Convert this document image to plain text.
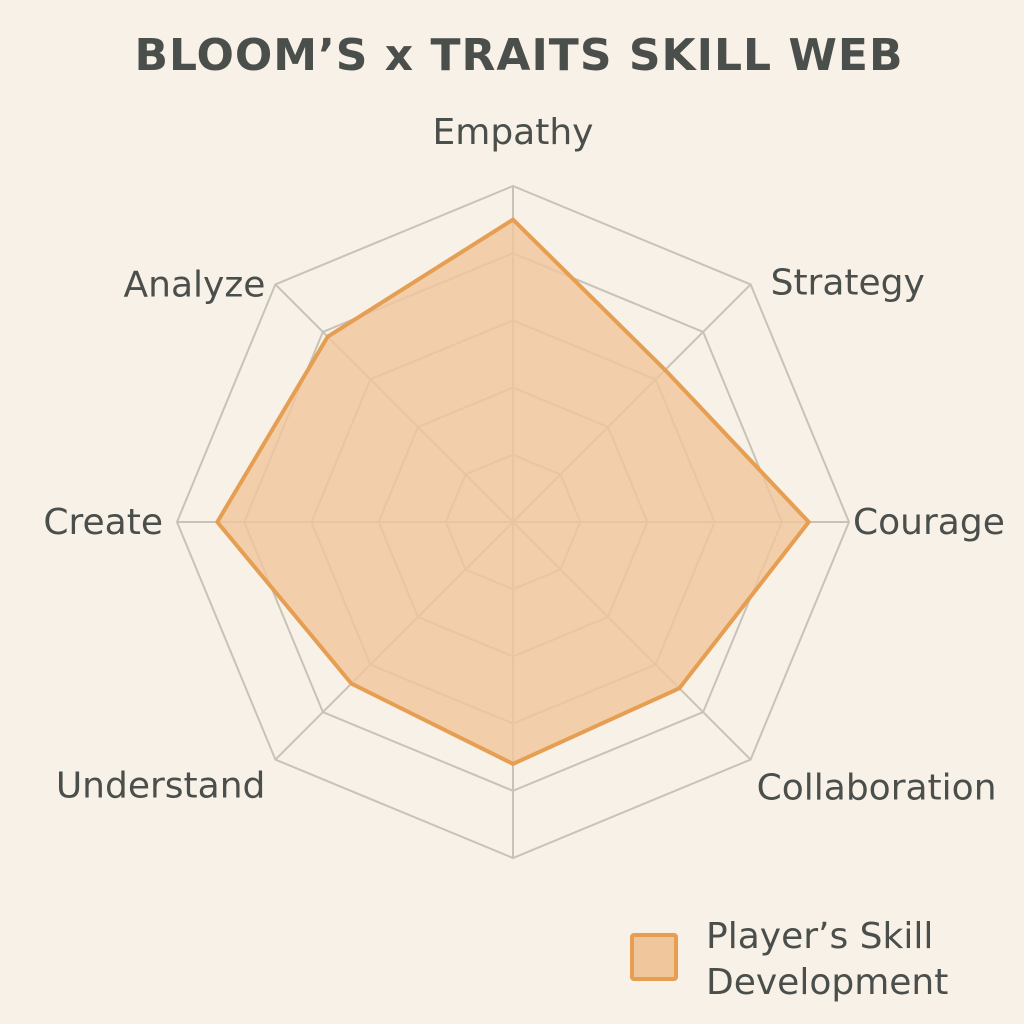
BLOOM’S x TRAITS SKILL WEB
Empathy
Strategy
Courage
Collaboration
Understand
Create
Analyze
Player’s Skill
Development
